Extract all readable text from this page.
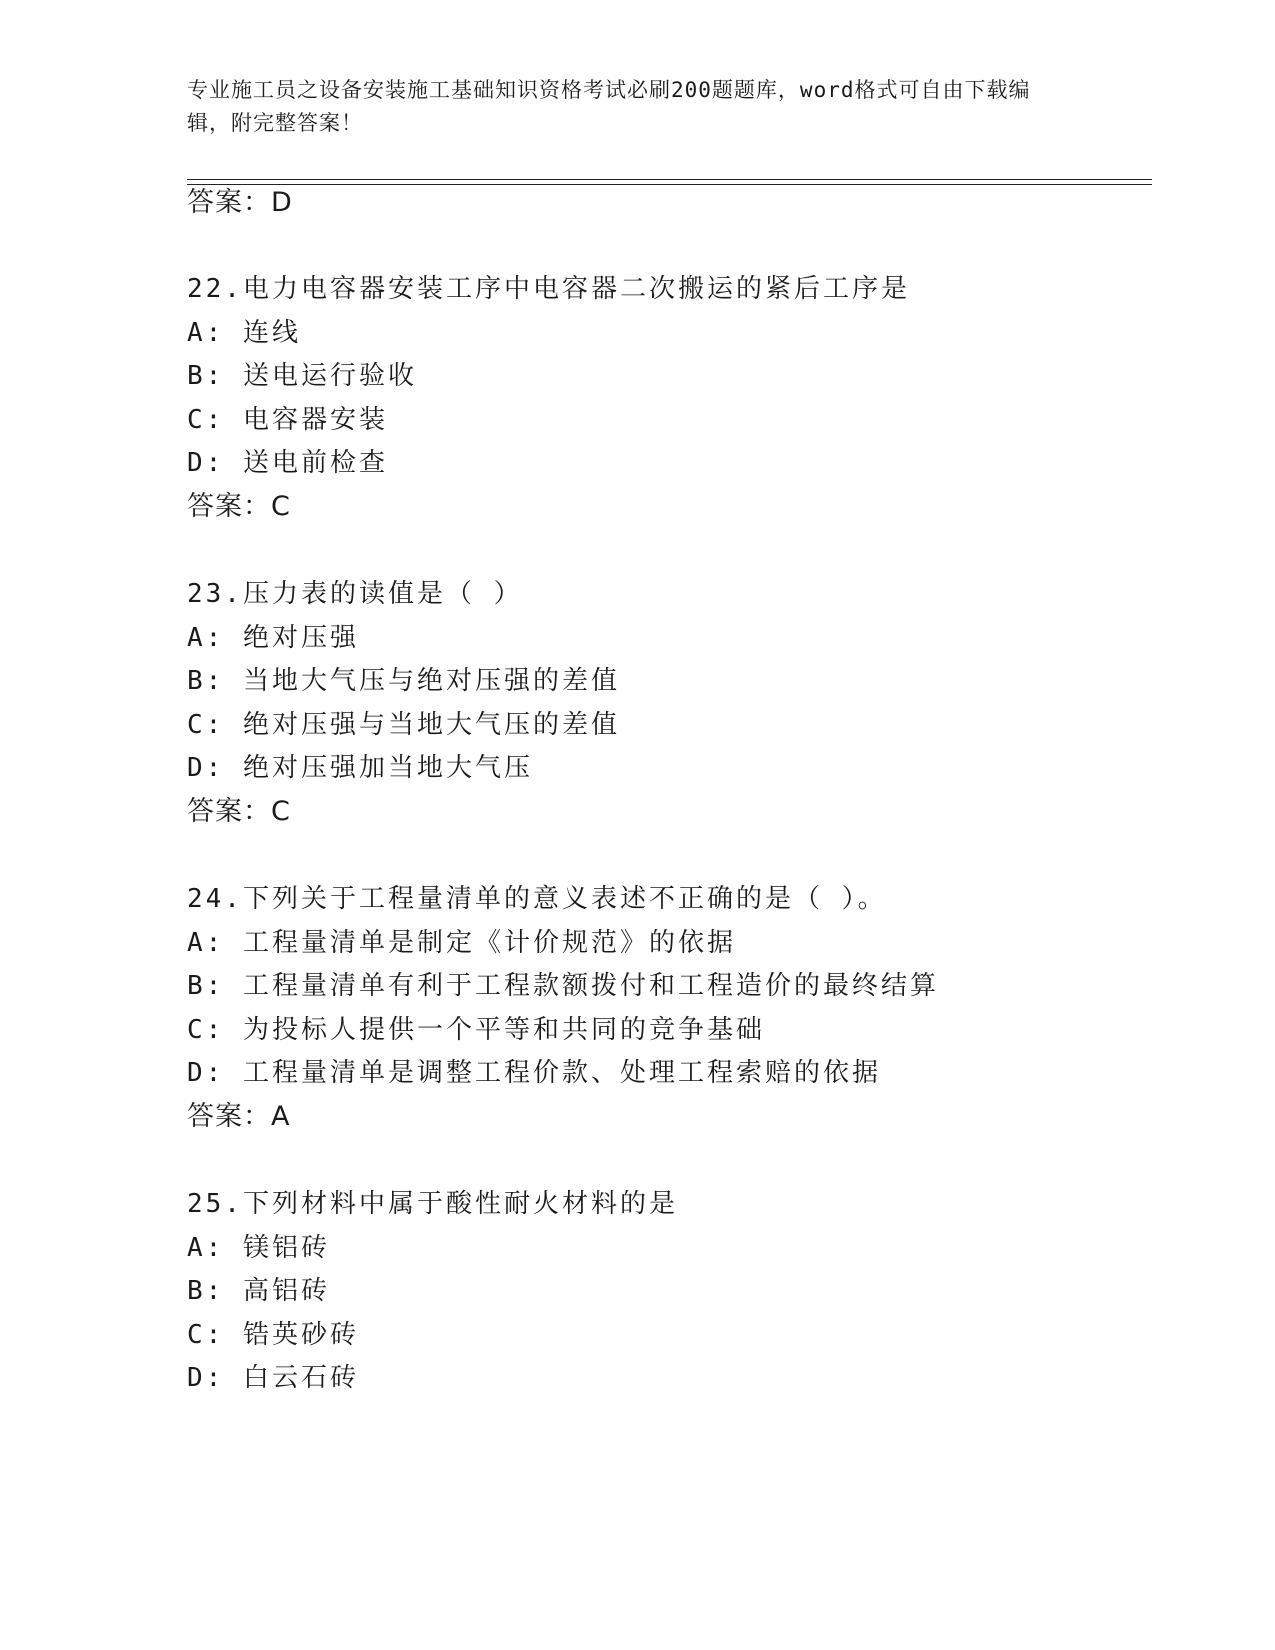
专业施工员之设备安装施工基础知识资格考试必刷200题题库，word格式可自由下载编辑，附完整答案！
答案：D
22.电力电容器安装工序中电容器二次搬运的紧后工序是
A: 连线
B: 送电运行验收
C: 电容器安装
D: 送电前检查
答案：C
23.压力表的读值是（ ）
A: 绝对压强
B: 当地大气压与绝对压强的差值
C: 绝对压强与当地大气压的差值
D: 绝对压强加当地大气压
答案：C
24.下列关于工程量清单的意义表述不正确的是（ ）。
A: 工程量清单是制定《计价规范》的依据
B: 工程量清单有利于工程款额拨付和工程造价的最终结算
C: 为投标人提供一个平等和共同的竞争基础
D: 工程量清单是调整工程价款、处理工程索赔的依据
答案：A
25.下列材料中属于酸性耐火材料的是
A: 镁铝砖
B: 高铝砖
C: 锆英砂砖
D: 白云石砖
